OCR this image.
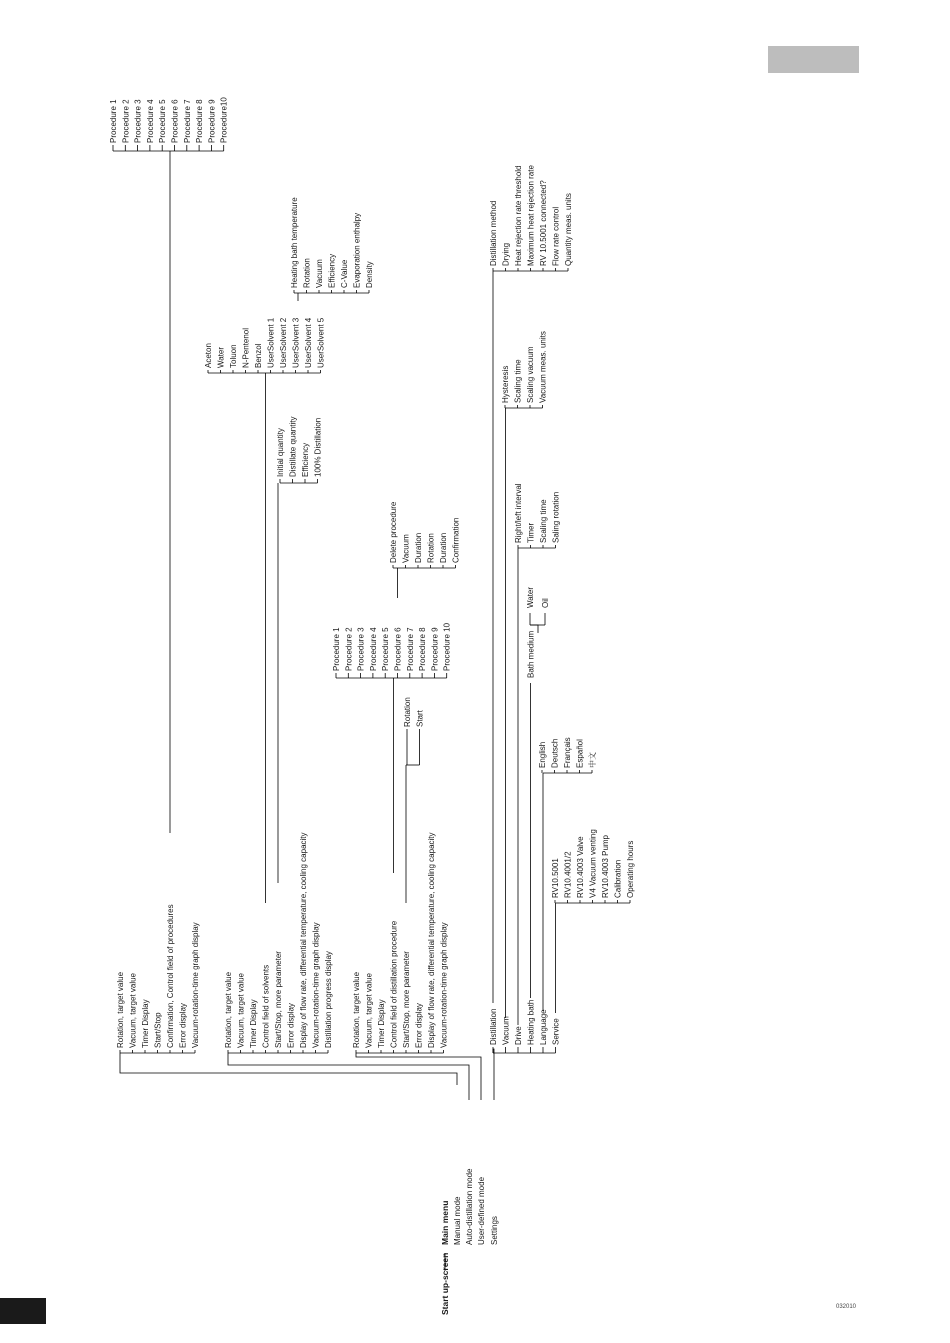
032010
Start up-screen
Main menu Manual mode Auto-distillation mode User-defined mode Settings
Rotation, target value Vacuum, target value Timer Display Start/Stop Confirmation, Control field of procedures Error display Vacuum-rotation-time graph display
Procedure 1 Procedure 2 Procedure 3 Procedure 4 Procedure 5 Procedure 6 Procedure 7 Procedure 8 Procedure 9 Procedure10
Rotation, target value Vacuum, target value Timer Display Control field of solvents Start/Stop, more parameter Error display Display of flow rate, differential temperature, cooling capacity Vacuum-rotation-time graph display Distillation progress display
Initial quantity Distillate quantity Efficiency 100% Distillation
Aceton Water Toluon N-Pentenol Benzol UserSolvent 1 UserSolvent 2 UserSolvent 3 UserSolvent 4 UserSolvent 5
Heating bath temperature Rotation Vacuum Efficiency C-Value Evaporation enthalpy Density
Rotation, target value Vacuum, target value Timer Display Control field of distillation procedure Start/Stop, more parameter Error display Display of flow rate, differential temperature, cooling capacity Vacuum-rotation-time graph display
Rotation Start
Procedure 1 Procedure 2 Procedure 3 Procedure 4 Procedure 5 Procedure 6 Procedure 7 Procedure 8 Procedure 9 Procedure 10
Delete procedure Vacuum Duration Rotation Duration Confirmation
Distillation Vacuum Drive Heating bath Language Service
Distillation method Drying Heat rejection rate threshold Maximum heat rejection rate RV 10.5001 connected? Flow rate control Quantity meas. units
Hysteresis Scaling time Scaling vacuum Vacuum meas. units
Right/left interval Timer Scaling time Saling rotation
Bath medium
Water Oil
English Deutsch Français Español 中文
RV10.5001 RV10.4001/2 RV10.4003 Valve V4 Vacuum venting RV10.4003 Pump Calibration Operating hours
